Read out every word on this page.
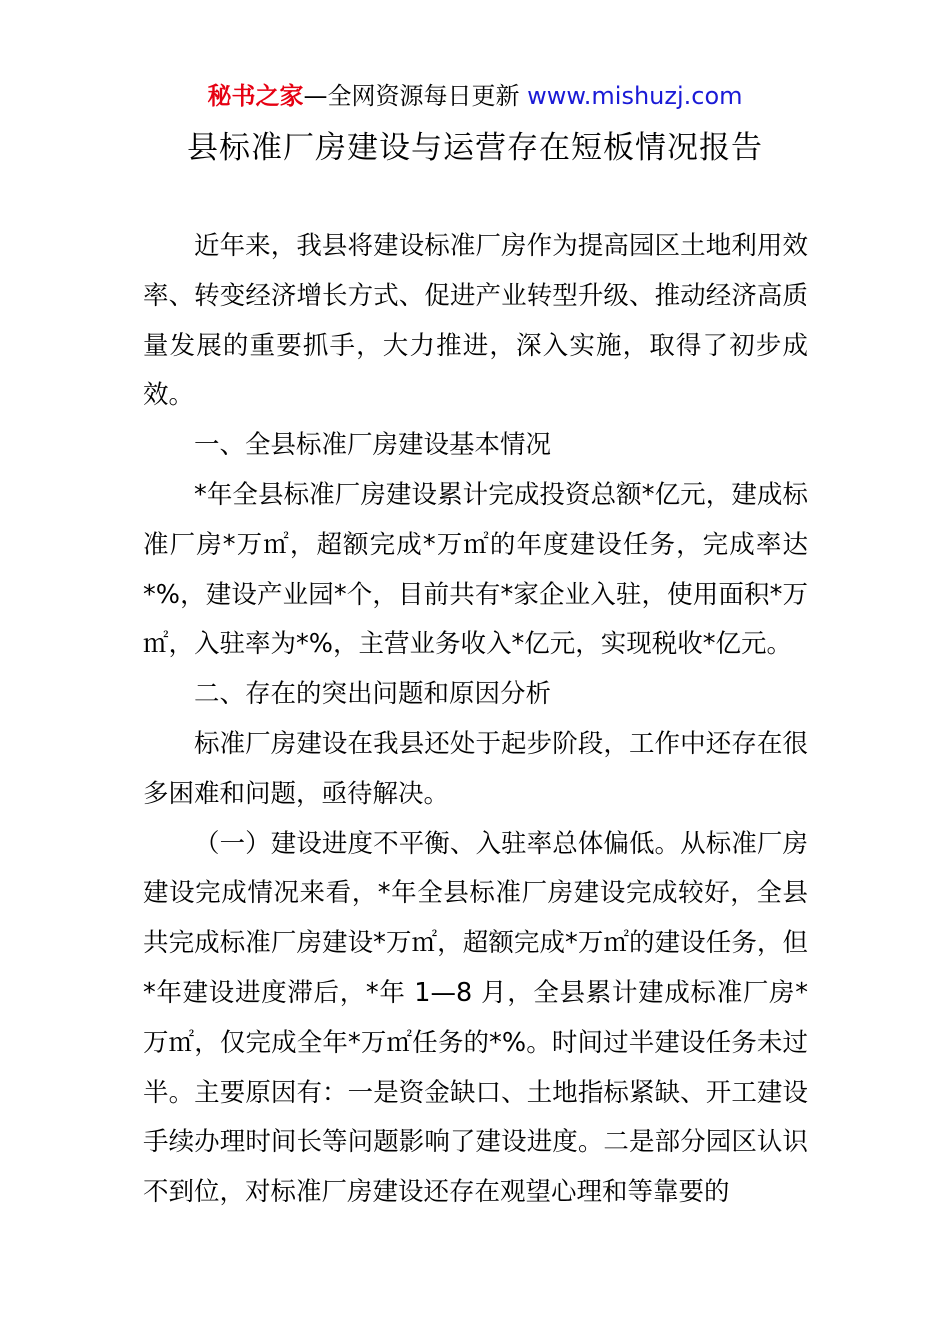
秘书之家—全网资源每日更新 www.mishuzj.com
县标准厂房建设与运营存在短板情况报告

近年来，我县将建设标准厂房作为提高园区土地利用效率、转变经济增长方式、促进产业转型升级、推动经济高质量发展的重要抓手，大力推进，深入实施，取得了初步成效。

一、全县标准厂房建设基本情况

*年全县标准厂房建设累计完成投资总额*亿元，建成标准厂房*万㎡，超额完成*万㎡的年度建设任务，完成率达*%，建设产业园*个，目前共有*家企业入驻，使用面积*万㎡，入驻率为*%，主营业务收入*亿元，实现税收*亿元。

二、存在的突出问题和原因分析

标准厂房建设在我县还处于起步阶段，工作中还存在很多困难和问题，亟待解决。

（一）建设进度不平衡、入驻率总体偏低。从标准厂房建设完成情况来看，*年全县标准厂房建设完成较好，全县共完成标准厂房建设*万㎡，超额完成*万㎡的建设任务，但*年建设进度滞后，*年 1—8 月，全县累计建成标准厂房*万㎡，仅完成全年*万㎡任务的*%。时间过半建设任务未过半。主要原因有：一是资金缺口、土地指标紧缺、开工建设手续办理时间长等问题影响了建设进度。二是部分园区认识不到位，对标准厂房建设还存在观望心理和等靠要的
